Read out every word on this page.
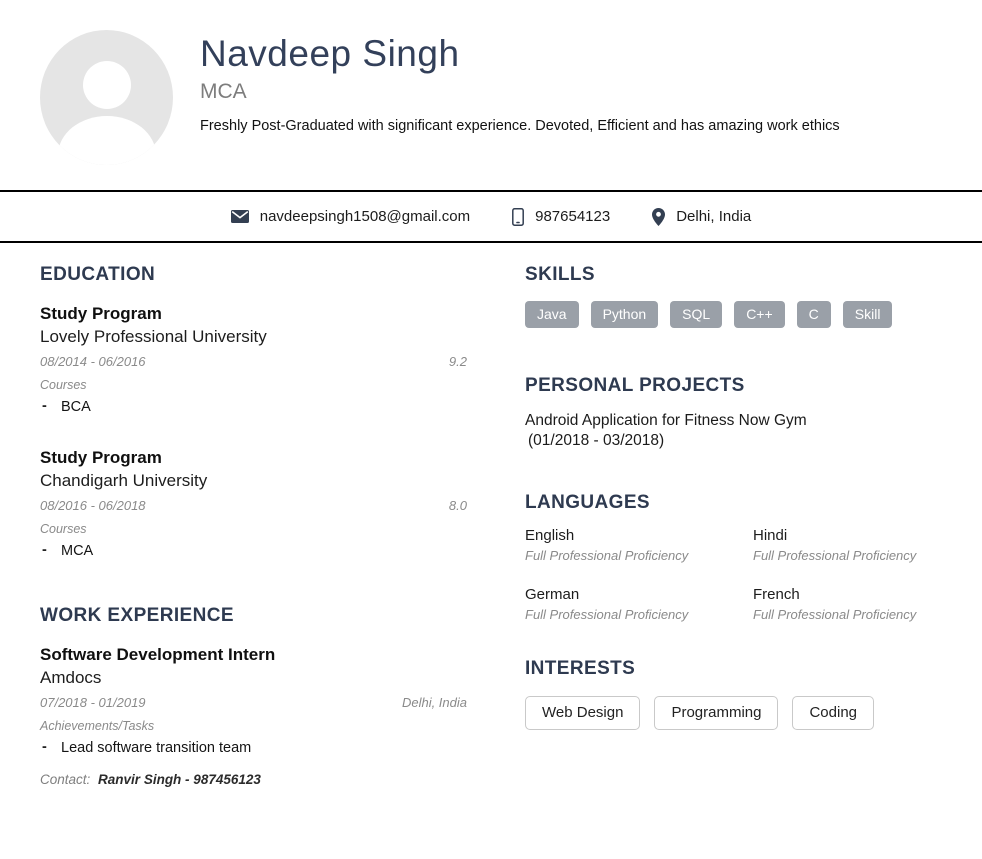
Navdeep Singh
MCA
Freshly Post-Graduated with significant experience. Devoted, Efficient and has amazing work ethics
navdeepsingh1508@gmail.com	987654123	Delhi, India
EDUCATION
Study Program
Lovely Professional University
08/2014 - 06/2016	9.2
Courses
- BCA
Study Program
Chandigarh University
08/2016 - 06/2018	8.0
Courses
- MCA
WORK EXPERIENCE
Software Development Intern
Amdocs
07/2018 - 01/2019	Delhi, India
Achievements/Tasks
- Lead software transition team
Contact: Ranvir Singh - 987456123
SKILLS
Java	Python	SQL	C++	C	Skill
PERSONAL PROJECTS
Android Application for Fitness Now Gym
(01/2018 - 03/2018)
LANGUAGES
English
Full Professional Proficiency
Hindi
Full Professional Proficiency
German
Full Professional Proficiency
French
Full Professional Proficiency
INTERESTS
Web Design	Programming	Coding
